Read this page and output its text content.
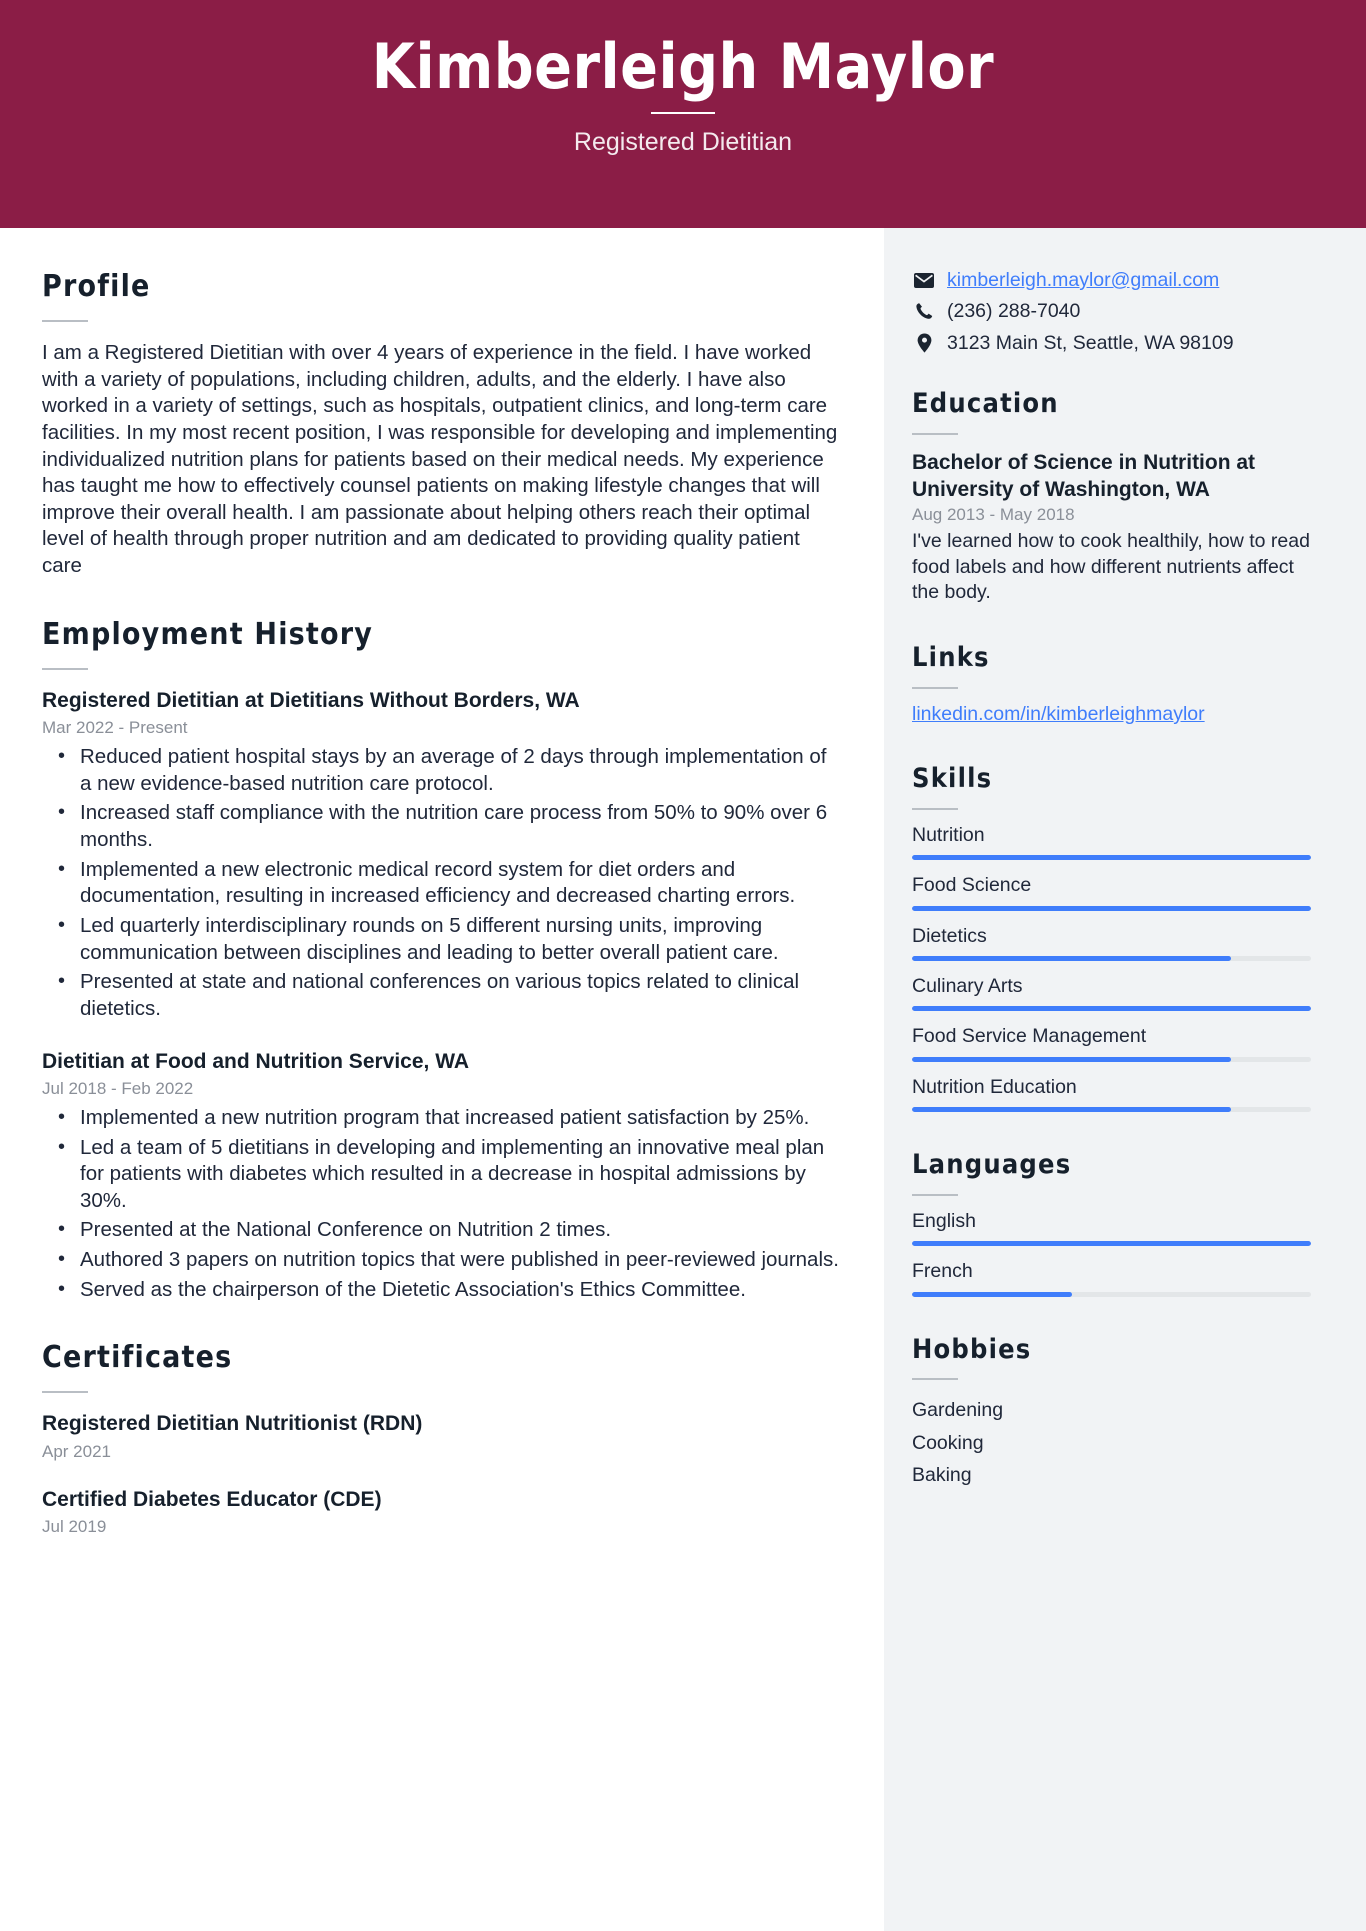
Kimberleigh Maylor
Registered Dietitian
Profile

I am a Registered Dietitian with over 4 years of experience in the field. I have worked with a variety of populations, including children, adults, and the elderly. I have also worked in a variety of settings, such as hospitals, outpatient clinics, and long-term care facilities. In my most recent position, I was responsible for developing and implementing individualized nutrition plans for patients based on their medical needs. My experience has taught me how to effectively counsel patients on making lifestyle changes that will improve their overall health. I am passionate about helping others reach their optimal level of health through proper nutrition and am dedicated to providing quality patient care

Employment History
Registered Dietitian at Dietitians Without Borders, WA
Mar 2022 - Present
• Reduced patient hospital stays by an average of 2 days through implementation of a new evidence-based nutrition care protocol.
• Increased staff compliance with the nutrition care process from 50% to 90% over 6 months.
• Implemented a new electronic medical record system for diet orders and documentation, resulting in increased efficiency and decreased charting errors.
• Led quarterly interdisciplinary rounds on 5 different nursing units, improving communication between disciplines and leading to better overall patient care.
• Presented at state and national conferences on various topics related to clinical dietetics.
Dietitian at Food and Nutrition Service, WA
Jul 2018 - Feb 2022
• Implemented a new nutrition program that increased patient satisfaction by 25%.
• Led a team of 5 dietitians in developing and implementing an innovative meal plan for patients with diabetes which resulted in a decrease in hospital admissions by 30%.
• Presented at the National Conference on Nutrition 2 times.
• Authored 3 papers on nutrition topics that were published in peer-reviewed journals.
• Served as the chairperson of the Dietetic Association's Ethics Committee.
Certificates
Registered Dietitian Nutritionist (RDN)
Apr 2021
Certified Diabetes Educator (CDE)
Jul 2019
kimberleigh.maylor@gmail.com
(236) 288-7040
3123 Main St, Seattle, WA 98109
Education
Bachelor of Science in Nutrition at University of Washington, WA
Aug 2013 - May 2018
I've learned how to cook healthily, how to read food labels and how different nutrients affect the body.
Links
linkedin.com/in/kimberleighmaylor
Skills
Nutrition
Food Science
Dietetics
Culinary Arts
Food Service Management
Nutrition Education
Languages
English
French
Hobbies

Gardening

Cooking

Baking
